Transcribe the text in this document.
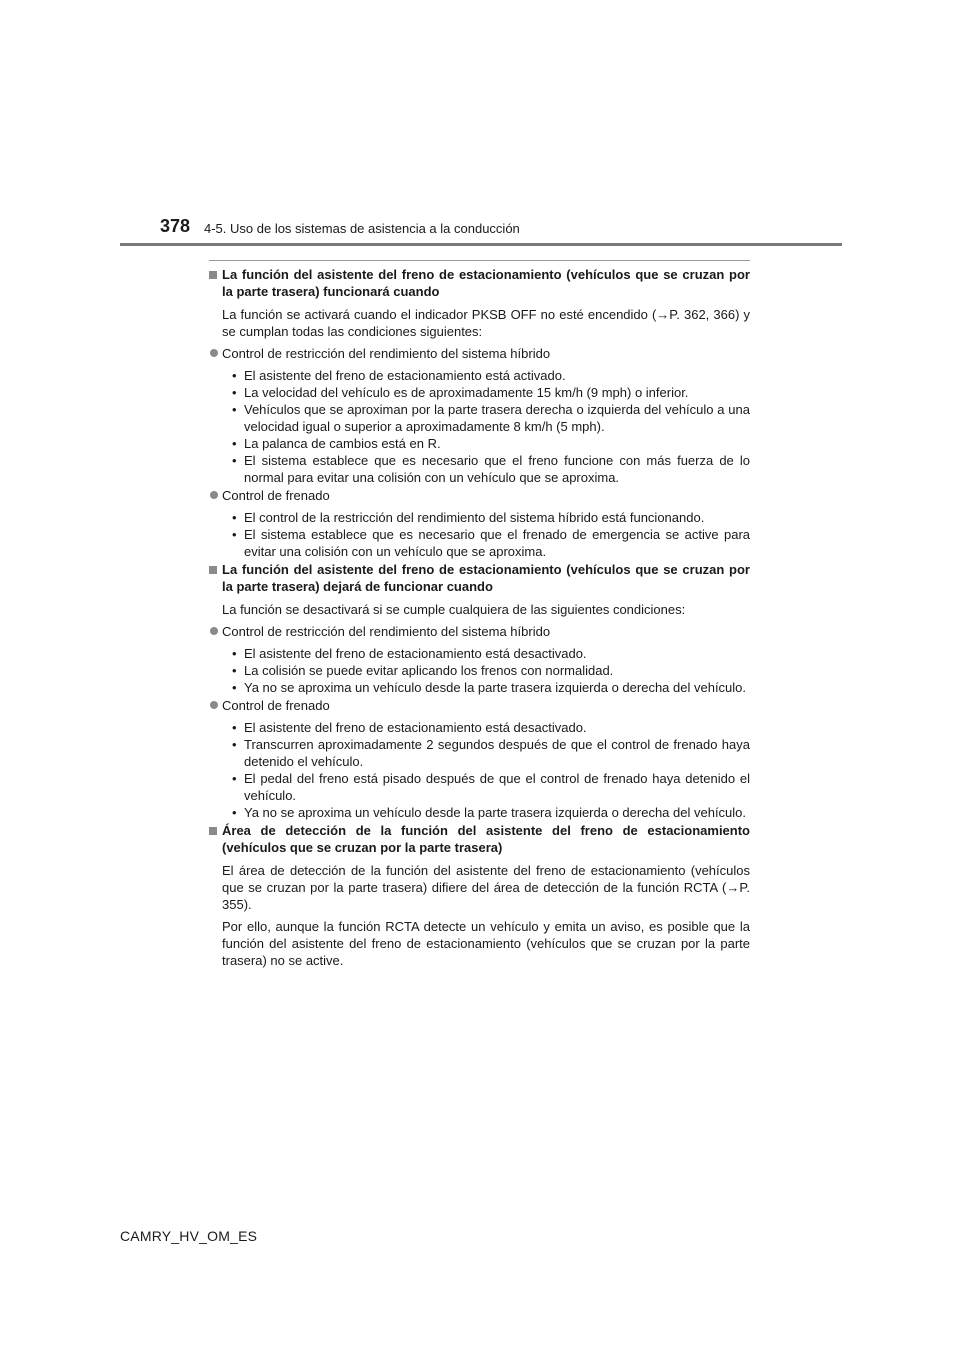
378 4-5. Uso de los sistemas de asistencia a la conducción
La función del asistente del freno de estacionamiento (vehículos que se cruzan por la parte trasera) funcionará cuando
La función se activará cuando el indicador PKSB OFF no esté encendido (→P. 362, 366) y se cumplan todas las condiciones siguientes:
Control de restricción del rendimiento del sistema híbrido
• El asistente del freno de estacionamiento está activado.
• La velocidad del vehículo es de aproximadamente 15 km/h (9 mph) o inferior.
• Vehículos que se aproximan por la parte trasera derecha o izquierda del vehículo a una velocidad igual o superior a aproximadamente 8 km/h (5 mph).
• La palanca de cambios está en R.
• El sistema establece que es necesario que el freno funcione con más fuerza de lo normal para evitar una colisión con un vehículo que se aproxima.
Control de frenado
• El control de la restricción del rendimiento del sistema híbrido está funcionando.
• El sistema establece que es necesario que el frenado de emergencia se active para evitar una colisión con un vehículo que se aproxima.
La función del asistente del freno de estacionamiento (vehículos que se cruzan por la parte trasera) dejará de funcionar cuando
La función se desactivará si se cumple cualquiera de las siguientes condiciones:
Control de restricción del rendimiento del sistema híbrido
• El asistente del freno de estacionamiento está desactivado.
• La colisión se puede evitar aplicando los frenos con normalidad.
• Ya no se aproxima un vehículo desde la parte trasera izquierda o derecha del vehículo.
Control de frenado
• El asistente del freno de estacionamiento está desactivado.
• Transcurren aproximadamente 2 segundos después de que el control de frenado haya detenido el vehículo.
• El pedal del freno está pisado después de que el control de frenado haya detenido el vehículo.
• Ya no se aproxima un vehículo desde la parte trasera izquierda o derecha del vehículo.
Área de detección de la función del asistente del freno de estacionamiento (vehículos que se cruzan por la parte trasera)
El área de detección de la función del asistente del freno de estacionamiento (vehículos que se cruzan por la parte trasera) difiere del área de detección de la función RCTA (→P. 355).
Por ello, aunque la función RCTA detecte un vehículo y emita un aviso, es posible que la función del asistente del freno de estacionamiento (vehículos que se cruzan por la parte trasera) no se active.
CAMRY_HV_OM_ES
